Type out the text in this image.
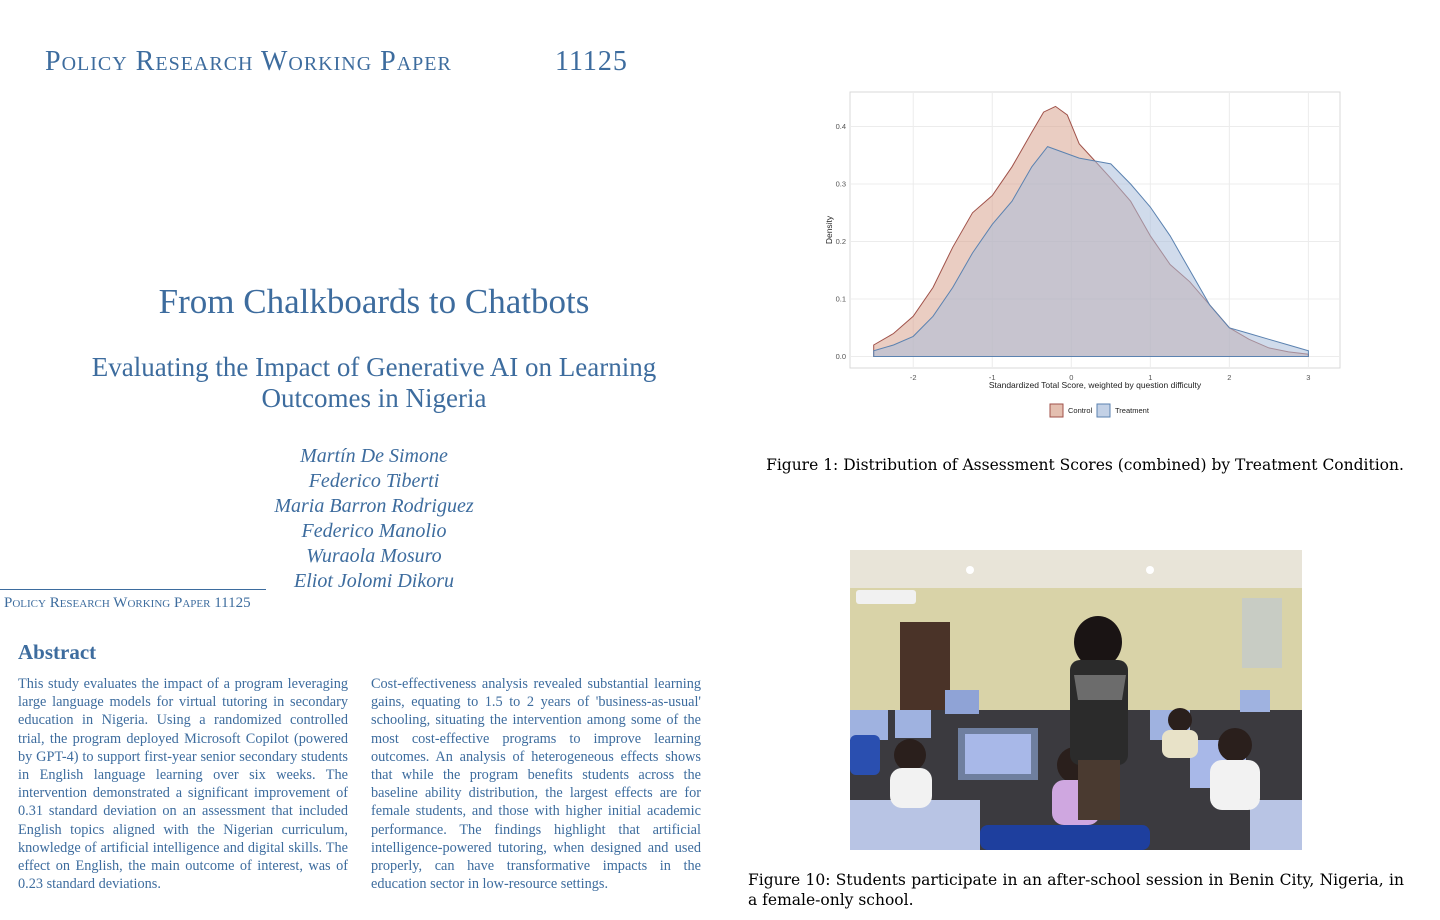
Policy Research Working Paper	11125
From Chalkboards to Chatbots
Evaluating the Impact of Generative AI on Learning Outcomes in Nigeria
Martín De Simone
Federico Tiberti
Maria Barron Rodriguez
Federico Manolio
Wuraola Mosuro
Eliot Jolomi Dikoru
Policy Research Working Paper 11125
Abstract
This study evaluates the impact of a program leveraging large language models for virtual tutoring in secondary education in Nigeria. Using a randomized controlled trial, the program deployed Microsoft Copilot (powered by GPT-4) to support first-year senior secondary students in English language learning over six weeks. The intervention demonstrated a significant improvement of 0.31 standard deviation on an assessment that included English topics aligned with the Nigerian curriculum, knowledge of artificial intelligence and digital skills. The effect on English, the main outcome of interest, was of 0.23 standard deviations.
Cost-effectiveness analysis revealed substantial learning gains, equating to 1.5 to 2 years of 'business-as-usual' schooling, situating the intervention among some of the most cost-effective programs to improve learning outcomes. An analysis of heterogeneous effects shows that while the program benefits students across the baseline ability distribution, the largest effects are for female students, and those with higher initial academic performance. The findings highlight that artificial intelligence-powered tutoring, when designed and used properly, can have transformative impacts in the education sector in low-resource settings.
-2	-1	0	1	2	3
0.0
0.1
0.2
0.3
0.4
Standardized Total Score, weighted by question difficulty
Density
Control	Treatment
Figure 1: Distribution of Assessment Scores (combined) by Treatment Condition.
Figure 10: Students participate in an after-school session in Benin City, Nigeria, in a female-only school.
